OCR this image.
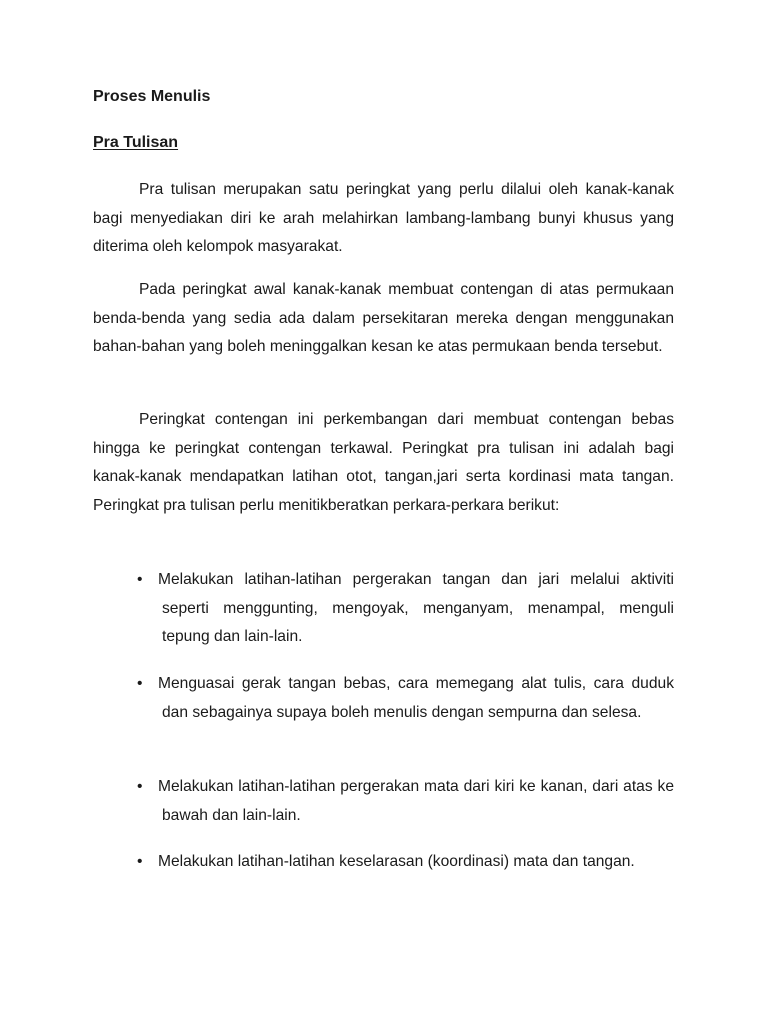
Proses Menulis
Pra Tulisan

Pra tulisan merupakan satu peringkat yang perlu dilalui oleh kanak-kanak bagi menyediakan diri ke arah melahirkan lambang-lambang bunyi khusus yang diterima oleh kelompok masyarakat.

Pada peringkat awal kanak-kanak membuat contengan di atas permukaan benda-benda yang sedia ada dalam persekitaran mereka dengan menggunakan bahan-bahan yang boleh meninggalkan kesan ke atas permukaan benda tersebut.

Peringkat contengan ini perkembangan dari membuat contengan bebas hingga ke peringkat contengan terkawal. Peringkat pra tulisan ini adalah bagi kanak-kanak mendapatkan latihan otot, tangan,jari serta kordinasi mata tangan. Peringkat pra tulisan perlu menitikberatkan perkara-perkara berikut:

• Melakukan latihan-latihan pergerakan tangan dan jari melalui aktiviti seperti menggunting, mengoyak, menganyam, menampal, menguli tepung dan lain-lain.
• Menguasai gerak tangan bebas, cara memegang alat tulis, cara duduk dan sebagainya supaya boleh menulis dengan sempurna dan selesa.
• Melakukan latihan-latihan pergerakan mata dari kiri ke kanan, dari atas ke bawah dan lain-lain.
• Melakukan latihan-latihan keselarasan (koordinasi) mata dan tangan.
